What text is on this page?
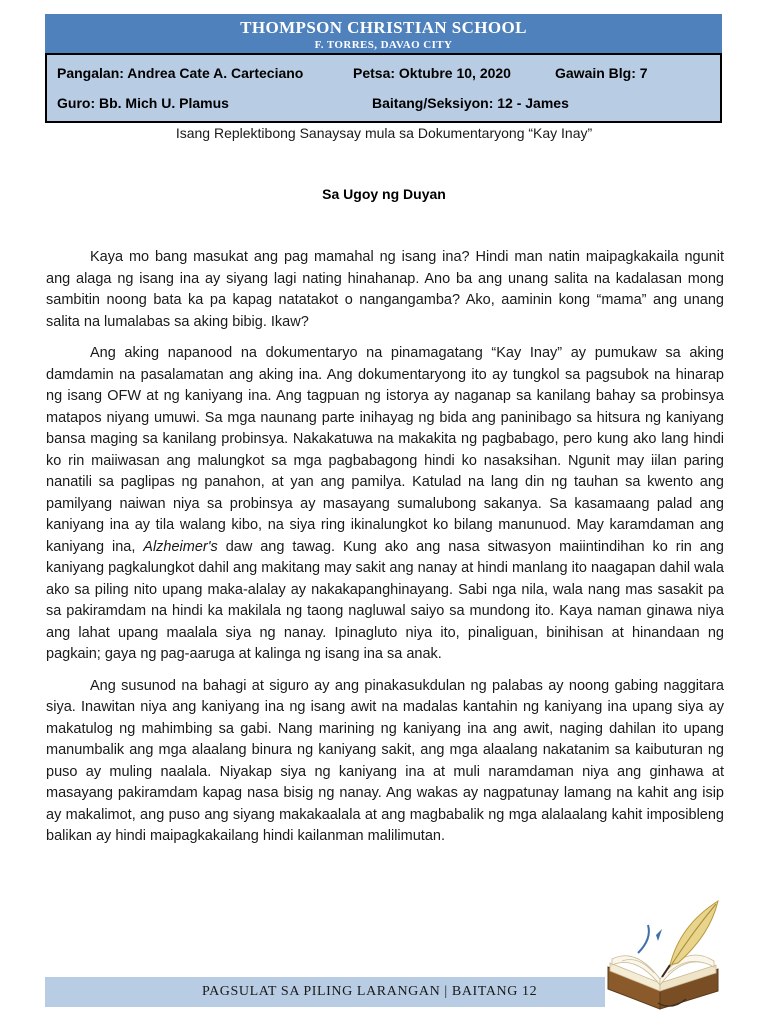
THOMPSON CHRISTIAN SCHOOL
F. TORRES, DAVAO CITY
Pangalan: Andrea Cate A. Carteciano	Petsa: Oktubre 10, 2020	Gawain Blg: 7
Guro: Bb. Mich U. Plamus	Baitang/Seksiyon: 12 - James
Isang Replektibong Sanaysay mula sa Dokumentaryong “Kay Inay”
Sa Ugoy ng Duyan

Kaya mo bang masukat ang pag mamahal ng isang ina? Hindi man natin maipagkakaila ngunit ang alaga ng isang ina ay siyang lagi nating hinahanap. Ano ba ang unang salita na kadalasan mong sambitin noong bata ka pa kapag natatakot o nangangamba? Ako, aaminin kong “mama” ang unang salita na lumalabas sa aking bibig. Ikaw?

Ang aking napanood na dokumentaryo na pinamagatang “Kay Inay” ay pumukaw sa aking damdamin na pasalamatan ang aking ina. Ang dokumentaryong ito ay tungkol sa pagsubok na hinarap ng isang OFW at ng kaniyang ina. Ang tagpuan ng istorya ay naganap sa kanilang bahay sa probinsya matapos niyang umuwi. Sa mga naunang parte inihayag ng bida ang paninibago sa hitsura ng kaniyang bansa maging sa kanilang probinsya. Nakakatuwa na makakita ng pagbabago, pero kung ako lang hindi ko rin maiiwasan ang malungkot sa mga pagbabagong hindi ko nasaksihan. Ngunit may iilan paring nanatili sa paglipas ng panahon, at yan ang pamilya. Katulad na lang din ng tauhan sa kwento ang pamilyang naiwan niya sa probinsya ay masayang sumalubong sakanya. Sa kasamaang palad ang kaniyang ina ay tila walang kibo, na siya ring ikinalungkot ko bilang manunuod. May karamdaman ang kaniyang ina, Alzheimer's daw ang tawag. Kung ako ang nasa sitwasyon maiintindihan ko rin ang kaniyang pagkalungkot dahil ang makitang may sakit ang nanay at hindi manlang ito naagapan dahil wala ako sa piling nito upang maka-alalay ay nakakapanghinayang. Sabi nga nila, wala nang mas sasakit pa sa pakiramdam na hindi ka makilala ng taong nagluwal saiyo sa mundong ito. Kaya naman ginawa niya ang lahat upang maalala siya ng nanay. Ipinagluto niya ito, pinaliguan, binihisan at hinandaan ng pagkain; gaya ng pag-aaruga at kalinga ng isang ina sa anak.

Ang susunod na bahagi at siguro ay ang pinakasukdulan ng palabas ay noong gabing naggitara siya. Inawitan niya ang kaniyang ina ng isang awit na madalas kantahin ng kaniyang ina upang siya ay makatulog ng mahimbing sa gabi. Nang marining ng kaniyang ina ang awit, naging dahilan ito upang manumbalik ang mga alaalang binura ng kaniyang sakit, ang mga alaalang nakatanim sa kaibuturan ng puso ay muling naalala. Niyakap siya ng kaniyang ina at muli naramdaman niya ang ginhawa at masayang pakiramdam kapag nasa bisig ng nanay. Ang wakas ay nagpatunay lamang na kahit ang isip ay makalimot, ang puso ang siyang makakaalala at ang magbabalik ng mga alalaalang kahit imposibleng balikan ay hindi maipagkakailang hindi kailanman malilimutan.

PAGSULAT SA PILING LARANGAN | BAITANG 12
